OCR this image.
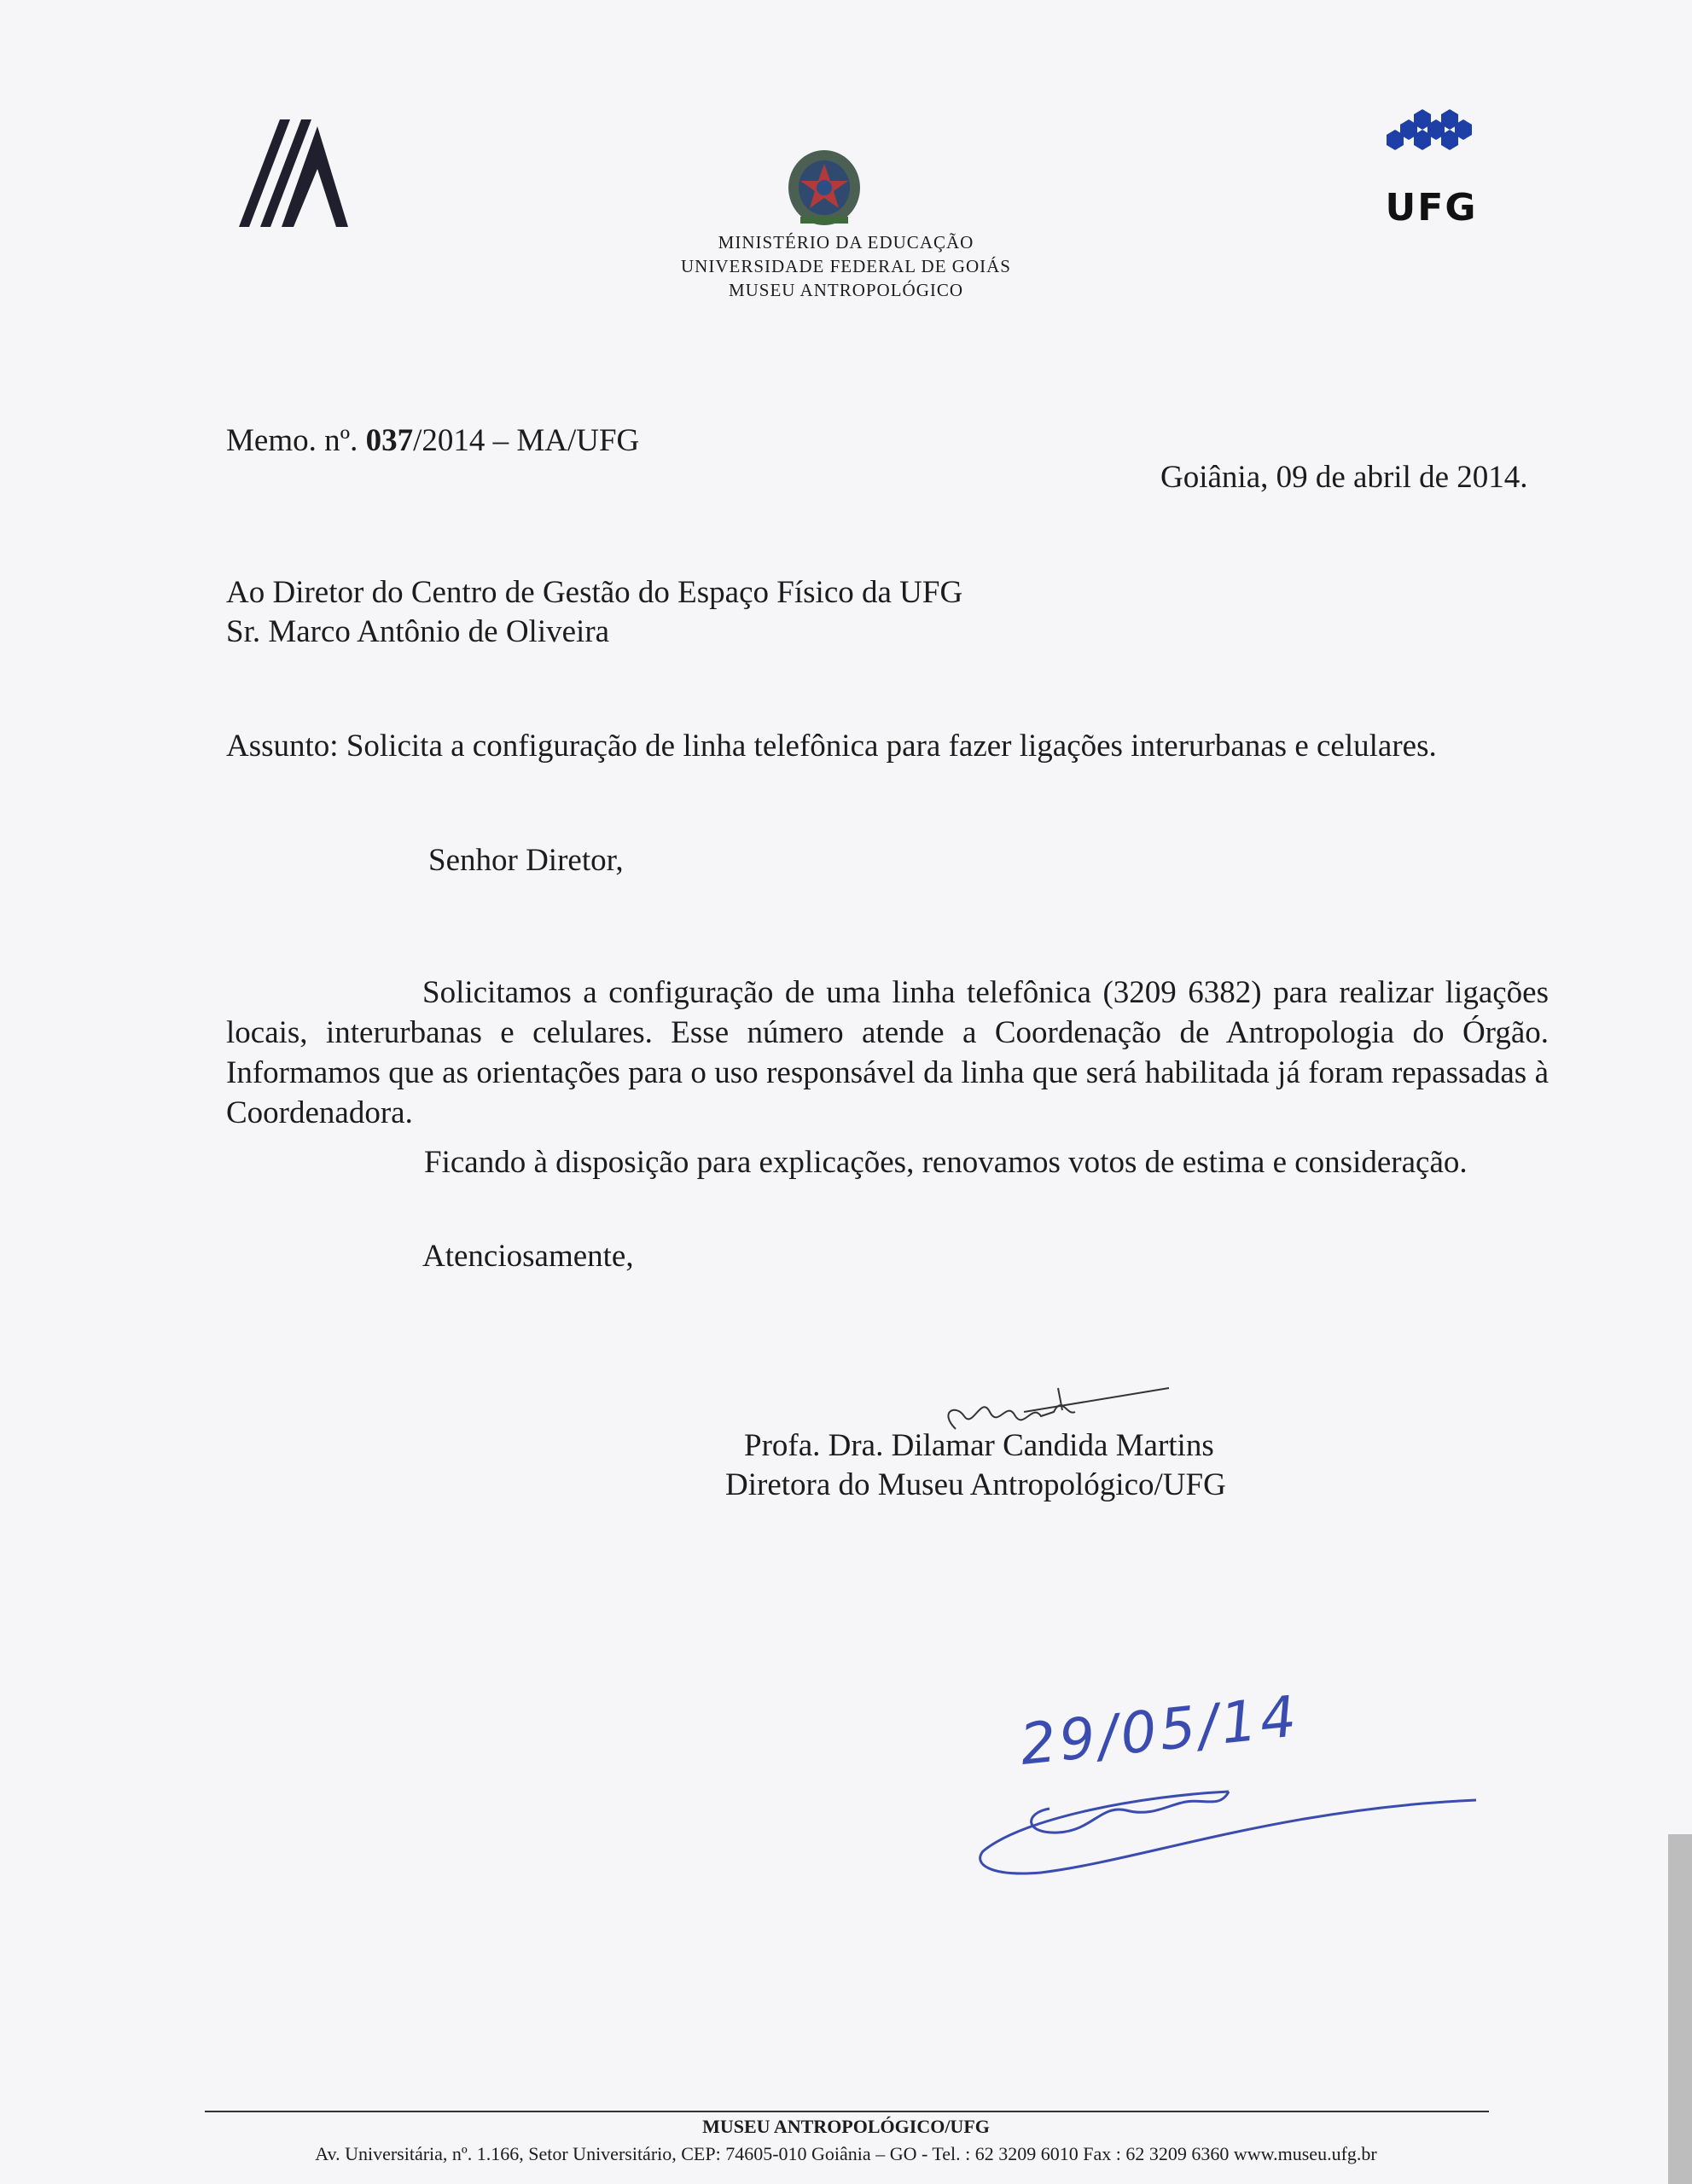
UFG
MINISTÉRIO DA EDUCAÇÃO
UNIVERSIDADE FEDERAL DE GOIÁS
MUSEU ANTROPOLÓGICO
Memo. nº. 037/2014 – MA/UFG
Goiânia, 09 de abril de 2014.
Ao Diretor do Centro de Gestão do Espaço Físico da UFG
Sr. Marco Antônio de Oliveira
Assunto: Solicita a configuração de linha telefônica para fazer ligações interurbanas e celulares.
Senhor Diretor,
Solicitamos a configuração de uma linha telefônica (3209 6382) para realizar ligações locais, interurbanas e celulares. Esse número atende a Coordenação de Antropologia do Órgão. Informamos que as orientações para o uso responsável da linha que será habilitada já foram repassadas à Coordenadora.
Ficando à disposição para explicações, renovamos votos de estima e consideração.
Atenciosamente,
Profa. Dra. Dilamar Candida Martins
Diretora do Museu Antropológico/UFG
29/05/14
MUSEU ANTROPOLÓGICO/UFG
Av. Universitária, nº. 1.166, Setor Universitário, CEP: 74605-010 Goiânia – GO - Tel. : 62 3209 6010 Fax : 62 3209 6360 www.museu.ufg.br
